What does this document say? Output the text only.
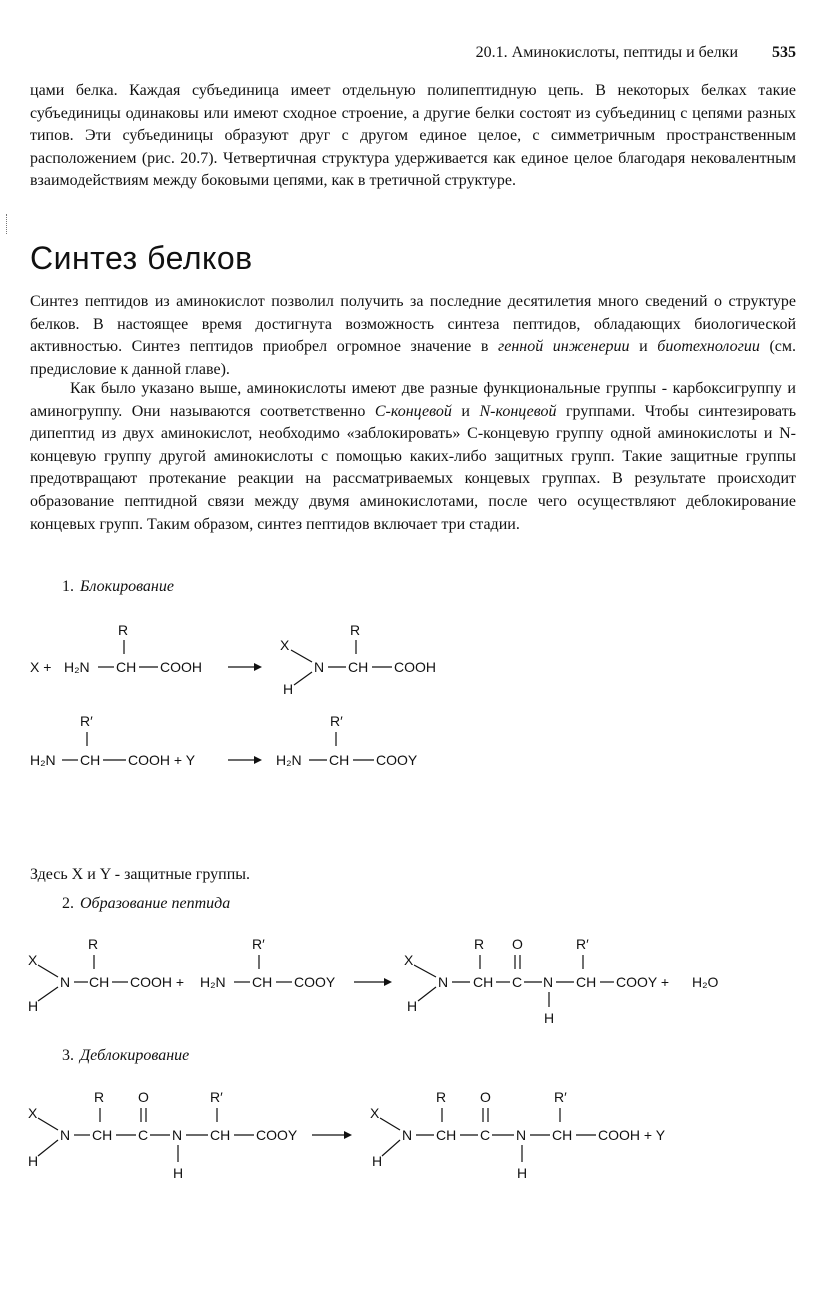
20.1. Аминокислоты, пептиды и белки 535

цами белка. Каждая субъединица имеет отдельную полипептидную цепь. В некоторых белках такие субъединицы одинаковы или имеют сходное строение, а другие белки состоят из субъединиц с цепями разных типов. Эти субъединицы образуют друг с другом единое целое, с симметричным пространственным расположением (рис. 20.7). Четвертичная структура удерживается как единое целое благодаря нековалентным взаимодействиям между боковыми цепями, как в третичной структуре.

Синтез белков

Синтез пептидов из аминокислот позволил получить за последние десятилетия много сведений о структуре белков. В настоящее время достигнута возможность синтеза пептидов, обладающих биологической активностью. Синтез пептидов приобрел огромное значение в генной инженерии и биотехнологии (см. предисловие к данной главе).

Как было указано выше, аминокислоты имеют две разные функциональные группы - карбоксигруппу и аминогруппу. Они называются соответственно С-концевой и N-концевой группами. Чтобы синтезировать дипептид из двух аминокислот, необходимо «заблокировать» С-концевую группу одной аминокислоты и N-концевую группу другой аминокислоты с помощью каких-либо защитных групп. Такие защитные группы предотвращают протекание реакции на рассматриваемых концевых группах. В результате происходит образование пептидной связи между двумя аминокислотами, после чего осуществляют деблокирование концевых групп. Таким образом, синтез пептидов включает три стадии.

1. Блокирование
X + H₂N CH
R
COOH
X
H
N CH
R
COOH
R′
H₂N CH COOH + Y
R′
H₂N CH COOY
Здесь X и Y - защитные группы.
2. Образование пептида
X
H
N CH
R
COOH + H₂N CH
R′
COOY
X
H
N CH
R
C
O
N
H
CH
R′
COOY + H₂O
3. Деблокирование
X
H
N CH
R
C
O
N
H
CH
R′
COOY
X
H
N CH
R
C
O
N
H
CH
R′
COOH + Y
